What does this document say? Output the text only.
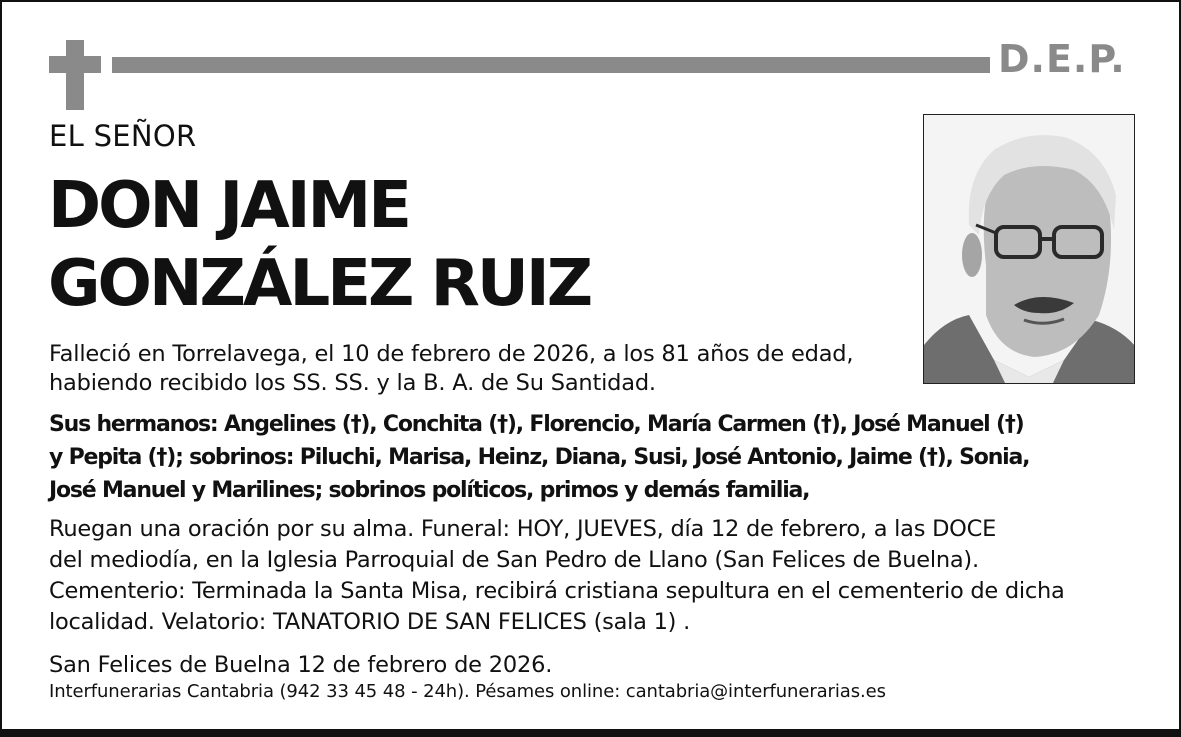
D.E.P.
EL SEÑOR
DON JAIME
GONZÁLEZ RUIZ
Falleció en Torrelavega, el 10 de febrero de 2026, a los 81 años de edad,
habiendo recibido los SS. SS. y la B. A. de Su Santidad.
Sus hermanos: Angelines (†), Conchita (†), Florencio, María Carmen (†), José Manuel (†)
y Pepita (†); sobrinos: Piluchi, Marisa, Heinz, Diana, Susi, José Antonio, Jaime (†), Sonia,
José Manuel y Marilines; sobrinos políticos, primos y demás familia,
Ruegan una oración por su alma. Funeral: HOY, JUEVES, día 12 de febrero, a las DOCE
del mediodía, en la Iglesia Parroquial de San Pedro de Llano (San Felices de Buelna).
Cementerio: Terminada la Santa Misa, recibirá cristiana sepultura en el cementerio de dicha
localidad. Velatorio: TANATORIO DE SAN FELICES (sala 1) .
San Felices de Buelna 12 de febrero de 2026.
Interfunerarias Cantabria (942 33 45 48 - 24h). Pésames online: cantabria@interfunerarias.es
